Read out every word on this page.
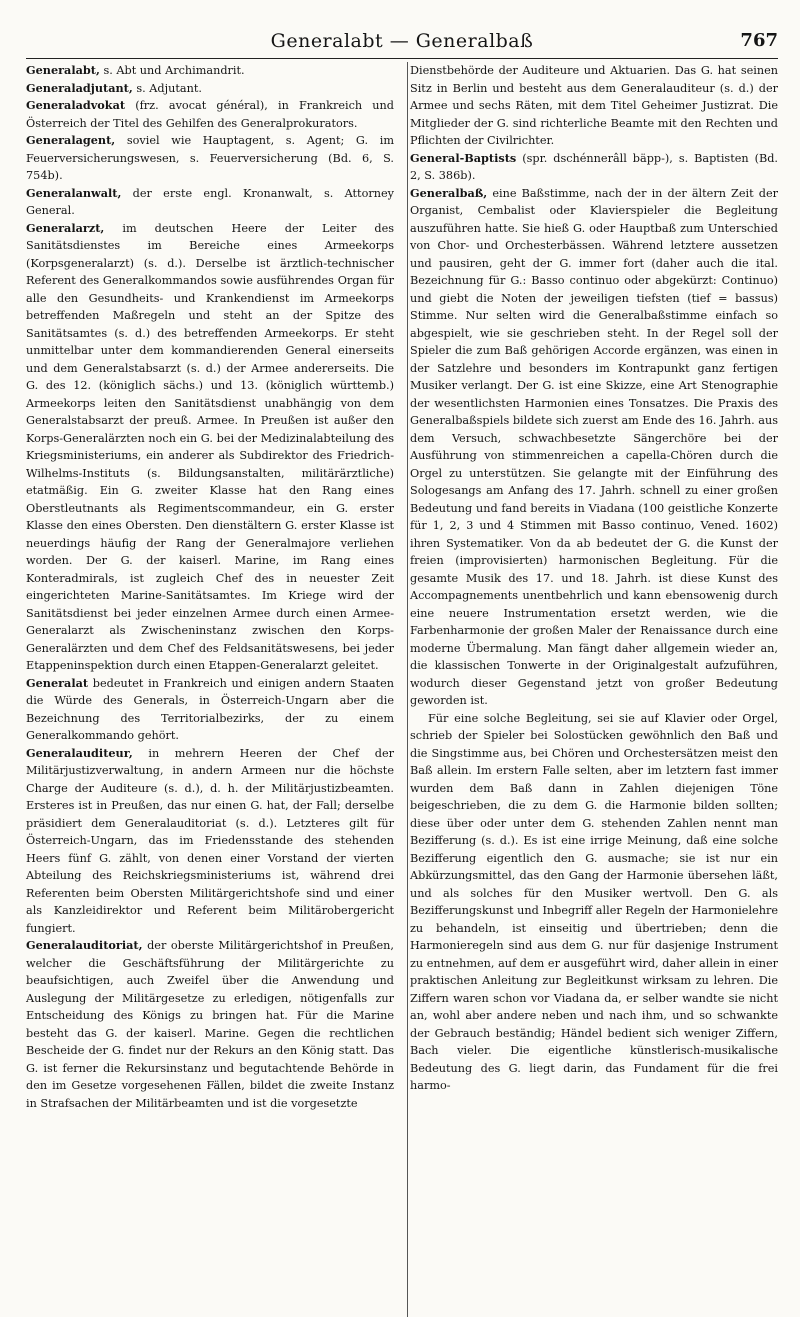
Generalabt — Generalbaß	767

Generalabt, s. Abt und Archimandrit.

Generaladjutant, s. Adjutant.

Generaladvokat (frz. avocat général), in Frankreich und Österreich der Titel des Gehilfen des Generalprokurators.

Generalagent, soviel wie Hauptagent, s. Agent; G. im Feuerversicherungswesen, s. Feuerversicherung (Bd. 6, S. 754b).

Generalanwalt, der erste engl. Kronanwalt, s. Attorney General.

Generalarzt, im deutschen Heere der Leiter des Sanitätsdienstes im Bereiche eines Armeekorps (Korpsgeneralarzt) (s. d.). Derselbe ist ärztlich-technischer Referent des Generalkommandos sowie ausführendes Organ für alle den Gesundheits- und Krankendienst im Armeekorps betreffenden Maßregeln und steht an der Spitze des Sanitätsamtes (s. d.) des betreffenden Armeekorps. Er steht unmittelbar unter dem kommandierenden General einerseits und dem Generalstabsarzt (s. d.) der Armee andererseits. Die G. des 12. (königlich sächs.) und 13. (königlich württemb.) Armeekorps leiten den Sanitätsdienst unabhängig von dem Generalstabsarzt der preuß. Armee. In Preußen ist außer den Korps-Generalärzten noch ein G. bei der Medizinalabteilung des Kriegsministeriums, ein anderer als Subdirektor des Friedrich-Wilhelms-Instituts (s. Bildungsanstalten, militärärztliche) etatmäßig. Ein G. zweiter Klasse hat den Rang eines Oberstleutnants als Regimentscommandeur, ein G. erster Klasse den eines Obersten. Den dienstältern G. erster Klasse ist neuerdings häufig der Rang der Generalmajore verliehen worden. Der G. der kaiserl. Marine, im Rang eines Konteradmirals, ist zugleich Chef des in neuester Zeit eingerichteten Marine-Sanitätsamtes. Im Kriege wird der Sanitätsdienst bei jeder einzelnen Armee durch einen Armee-Generalarzt als Zwischeninstanz zwischen den Korps-Generalärzten und dem Chef des Feldsanitätswesens, bei jeder Etappeninspektion durch einen Etappen-Generalarzt geleitet.

Generalat bedeutet in Frankreich und einigen andern Staaten die Würde des Generals, in Österreich-Ungarn aber die Bezeichnung des Territorialbezirks, der zu einem Generalkommando gehört.

Generalauditeur, in mehrern Heeren der Chef der Militärjustizverwaltung, in andern Armeen nur die höchste Charge der Auditeure (s. d.), d. h. der Militärjustizbeamten. Ersteres ist in Preußen, das nur einen G. hat, der Fall; derselbe präsidiert dem Generalauditoriat (s. d.). Letzteres gilt für Österreich-Ungarn, das im Friedensstande des stehenden Heers fünf G. zählt, von denen einer Vorstand der vierten Abteilung des Reichskriegsministeriums ist, während drei Referenten beim Obersten Militärgerichtshofe sind und einer als Kanzleidirektor und Referent beim Militärobergericht fungiert.

Generalauditoriat, der oberste Militärgerichtshof in Preußen, welcher die Geschäftsführung der Militärgerichte zu beaufsichtigen, auch Zweifel über die Anwendung und Auslegung der Militärgesetze zu erledigen, nötigenfalls zur Entscheidung des Königs zu bringen hat. Für die Marine besteht das G. der kaiserl. Marine. Gegen die rechtlichen Bescheide der G. findet nur der Rekurs an den König statt. Das G. ist ferner die Rekursinstanz und begutachtende Behörde in den im Gesetze vorgesehenen Fällen, bildet die zweite Instanz in Strafsachen der Militärbeamten und ist die vorgesetzte

Dienstbehörde der Auditeure und Aktuarien. Das G. hat seinen Sitz in Berlin und besteht aus dem Generalauditeur (s. d.) der Armee und sechs Räten, mit dem Titel Geheimer Justizrat. Die Mitglieder der G. sind richterliche Beamte mit den Rechten und Pflichten der Civilrichter.

General-Baptists (spr. dschénnerâll bäpp-), s. Baptisten (Bd. 2, S. 386b).

Generalbaß, eine Baßstimme, nach der in der ältern Zeit der Organist, Cembalist oder Klavierspieler die Begleitung auszuführen hatte. Sie hieß G. oder Hauptbaß zum Unterschied von Chor- und Orchesterbässen. Während letztere aussetzen und pausiren, geht der G. immer fort (daher auch die ital. Bezeichnung für G.: Basso continuo oder abgekürzt: Continuo) und giebt die Noten der jeweiligen tiefsten (tief = bassus) Stimme. Nur selten wird die Generalbaßstimme einfach so abgespielt, wie sie geschrieben steht. In der Regel soll der Spieler die zum Baß gehörigen Accorde ergänzen, was einen in der Satzlehre und besonders im Kontrapunkt ganz fertigen Musiker verlangt. Der G. ist eine Skizze, eine Art Stenographie der wesentlichsten Harmonien eines Tonsatzes. Die Praxis des Generalbaßspiels bildete sich zuerst am Ende des 16. Jahrh. aus dem Versuch, schwachbesetzte Sängerchöre bei der Ausführung von stimmenreichen a capella-Chören durch die Orgel zu unterstützen. Sie gelangte mit der Einführung des Sologesangs am Anfang des 17. Jahrh. schnell zu einer großen Bedeutung und fand bereits in Viadana (100 geistliche Konzerte für 1, 2, 3 und 4 Stimmen mit Basso continuo, Vened. 1602) ihren Systematiker. Von da ab bedeutet der G. die Kunst der freien (improvisierten) harmonischen Begleitung. Für die gesamte Musik des 17. und 18. Jahrh. ist diese Kunst des Accompagnements unentbehrlich und kann ebensowenig durch eine neuere Instrumentation ersetzt werden, wie die Farbenharmonie der großen Maler der Renaissance durch eine moderne Übermalung. Man fängt daher allgemein wieder an, die klassischen Tonwerte in der Originalgestalt aufzuführen, wodurch dieser Gegenstand jetzt von großer Bedeutung geworden ist.

Für eine solche Begleitung, sei sie auf Klavier oder Orgel, schrieb der Spieler bei Solostücken gewöhnlich den Baß und die Singstimme aus, bei Chören und Orchestersätzen meist den Baß allein. Im erstern Falle selten, aber im letztern fast immer wurden dem Baß dann in Zahlen diejenigen Töne beigeschrieben, die zu dem G. die Harmonie bilden sollten; diese über oder unter dem G. stehenden Zahlen nennt man Bezifferung (s. d.). Es ist eine irrige Meinung, daß eine solche Bezifferung eigentlich den G. ausmache; sie ist nur ein Abkürzungsmittel, das den Gang der Harmonie übersehen läßt, und als solches für den Musiker wertvoll. Den G. als Bezifferungskunst und Inbegriff aller Regeln der Harmonielehre zu behandeln, ist einseitig und übertrieben; denn die Harmonieregeln sind aus dem G. nur für dasjenige Instrument zu entnehmen, auf dem er ausgeführt wird, daher allein in einer praktischen Anleitung zur Begleitkunst wirksam zu lehren. Die Ziffern waren schon vor Viadana da, er selber wandte sie nicht an, wohl aber andere neben und nach ihm, und so schwankte der Gebrauch beständig; Händel bedient sich weniger Ziffern, Bach vieler. Die eigentliche künstlerisch-musikalische Bedeutung des G. liegt darin, das Fundament für die frei harmo-
